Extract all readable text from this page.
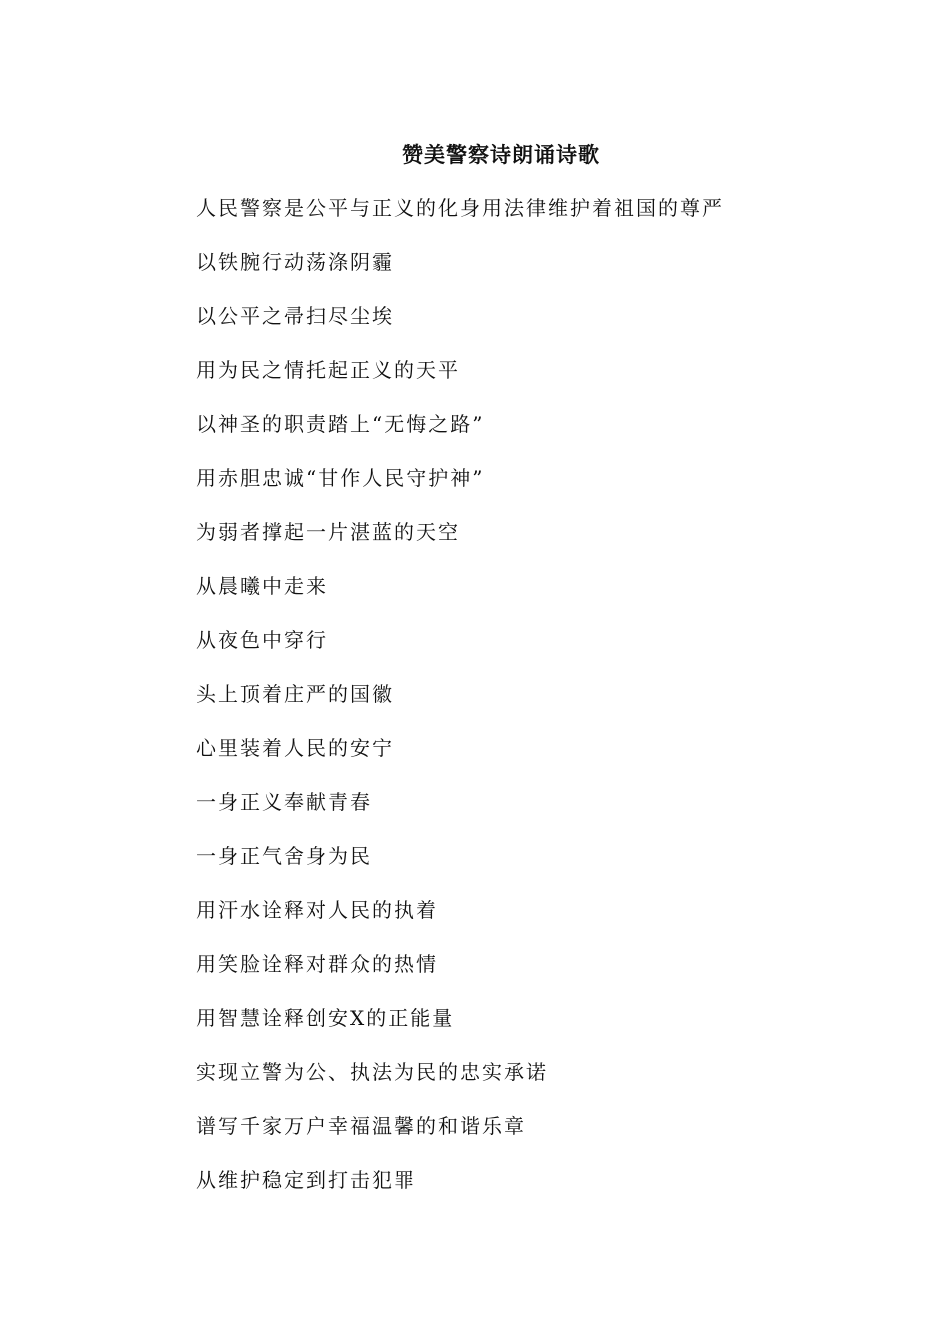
赞美警察诗朗诵诗歌
人民警察是公平与正义的化身用法律维护着祖国的尊严
以铁腕行动荡涤阴霾
以公平之帚扫尽尘埃
用为民之情托起正义的天平
以神圣的职责踏上“无悔之路”
用赤胆忠诚“甘作人民守护神”
为弱者撑起一片湛蓝的天空
从晨曦中走来
从夜色中穿行
头上顶着庄严的国徽
心里装着人民的安宁
一身正义奉献青春
一身正气舍身为民
用汗水诠释对人民的执着
用笑脸诠释对群众的热情
用智慧诠释创安X的正能量
实现立警为公、执法为民的忠实承诺
谱写千家万户幸福温馨的和谐乐章
从维护稳定到打击犯罪
